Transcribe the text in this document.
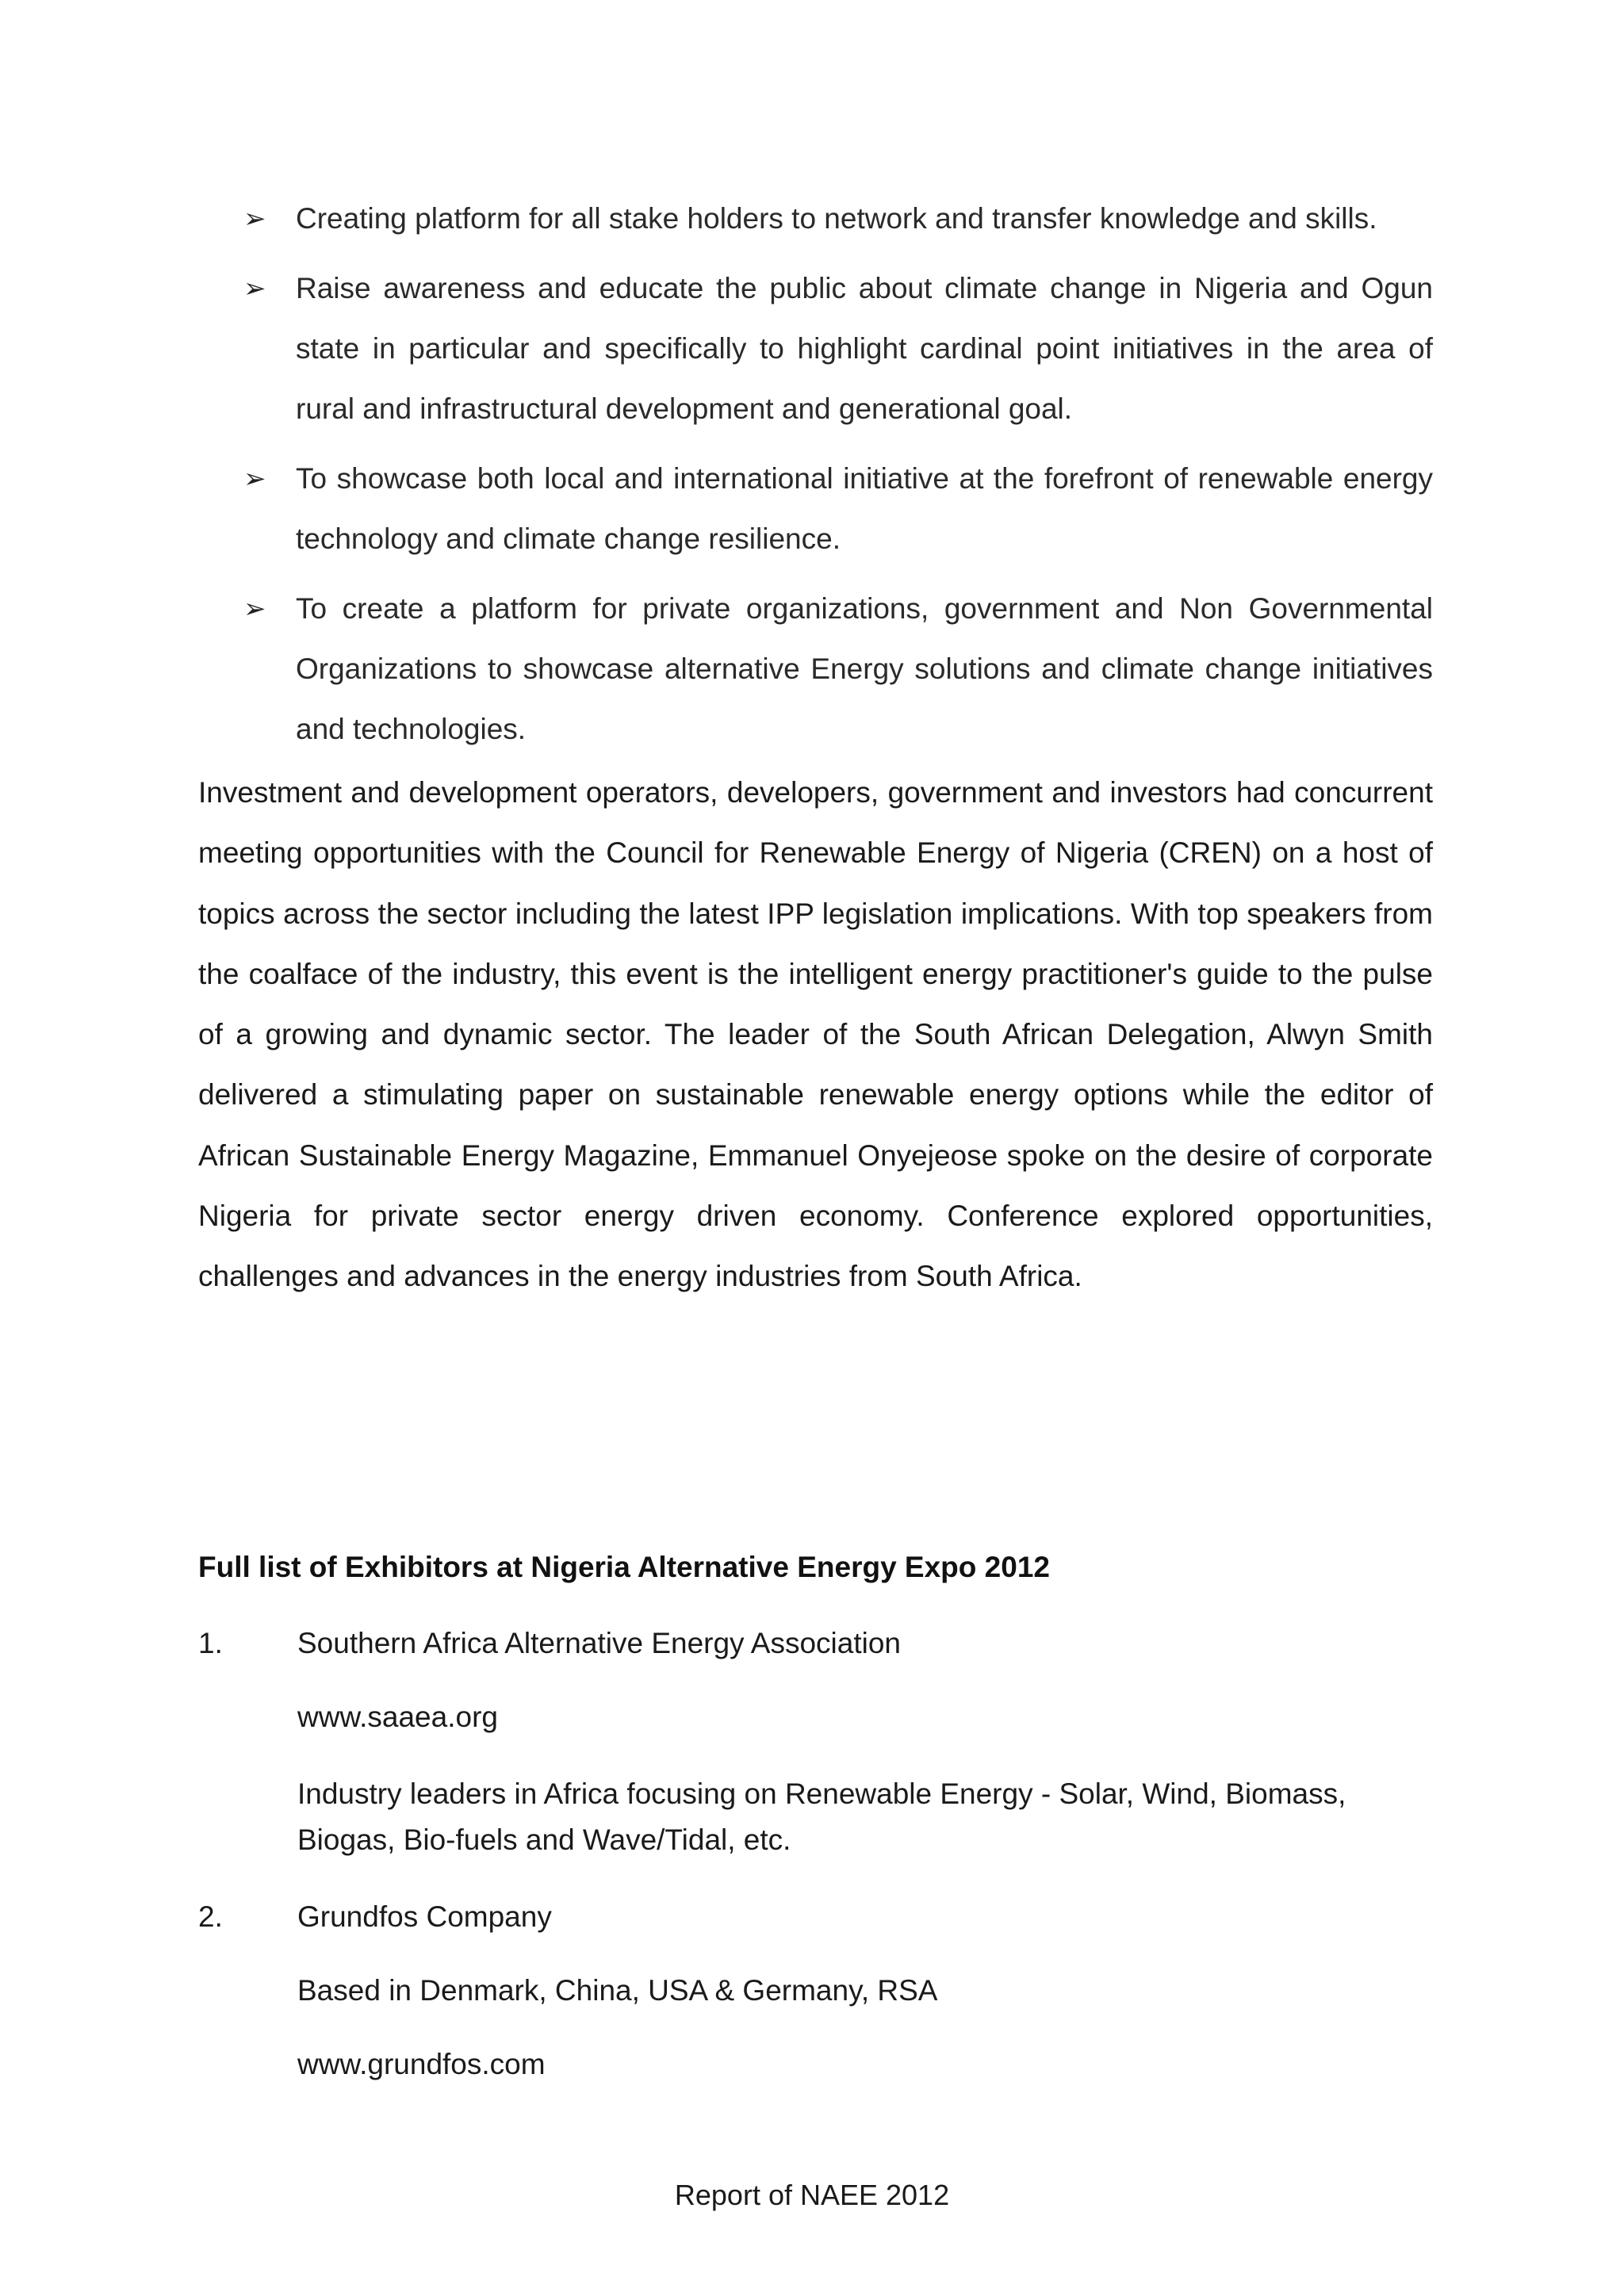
➢ Creating platform for all stake holders to network and transfer knowledge and skills.
➢ Raise awareness and educate the public about climate change in Nigeria and Ogun state in particular and specifically to highlight cardinal point initiatives in the area of rural and infrastructural development and generational goal.
➢ To showcase both local and international initiative at the forefront of renewable energy technology and climate change resilience.
➢ To create a platform for private organizations, government and Non Governmental Organizations to showcase alternative Energy solutions and climate change initiatives and technologies.

Investment and development operators, developers, government and investors had concurrent meeting opportunities with the Council for Renewable Energy of Nigeria (CREN) on a host of topics across the sector including the latest IPP legislation implications. With top speakers from the coalface of the industry, this event is the intelligent energy practitioner's guide to the pulse of a growing and dynamic sector. The leader of the South African Delegation, Alwyn Smith delivered a stimulating paper on sustainable renewable energy options while the editor of African Sustainable Energy Magazine, Emmanuel Onyejeose spoke on the desire of corporate Nigeria for private sector energy driven economy. Conference explored opportunities, challenges and advances in the energy industries from South Africa.

Full list of Exhibitors at Nigeria Alternative Energy Expo 2012
1.	Southern Africa Alternative Energy Association
www.saaea.org
Industry leaders in Africa focusing on Renewable Energy - Solar, Wind, Biomass, Biogas, Bio-fuels and Wave/Tidal, etc.
2.	Grundfos Company
Based in Denmark, China, USA & Germany, RSA
www.grundfos.com
Report of NAEE 2012
